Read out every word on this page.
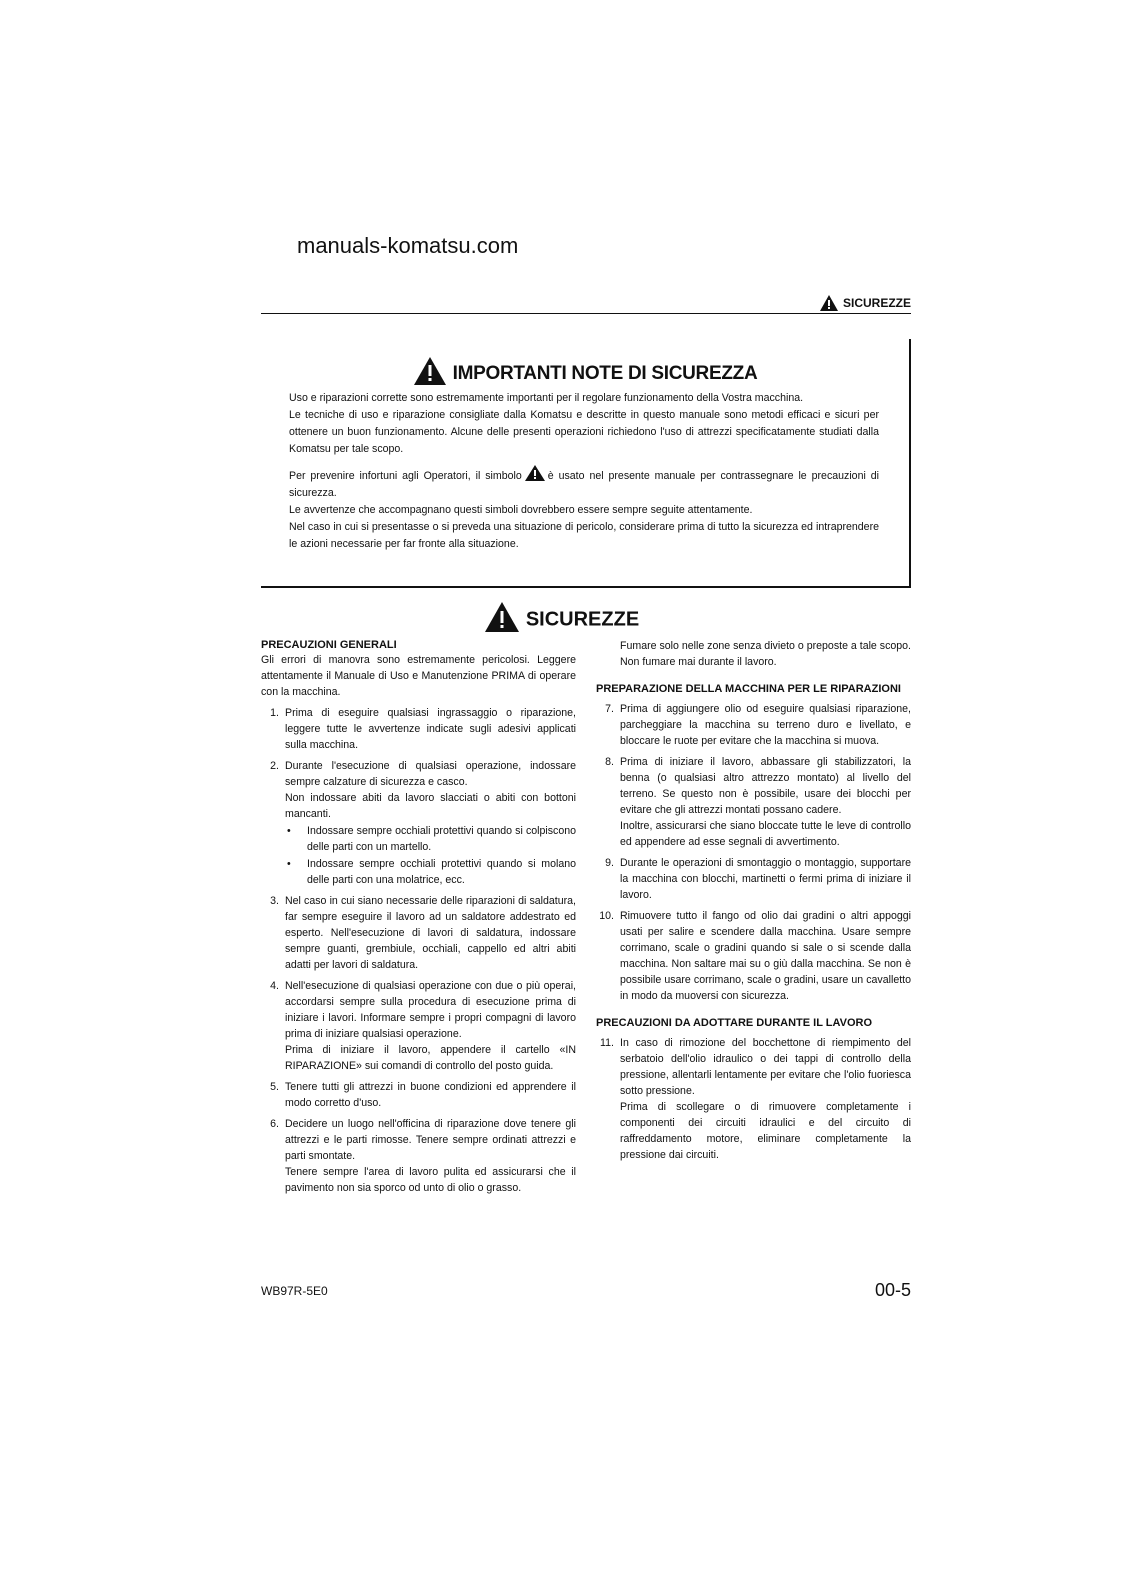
manuals-komatsu.com
SICUREZZE
IMPORTANTI NOTE DI SICUREZZA

Uso e riparazioni corrette sono estremamente importanti per il regolare funzionamento della Vostra macchina.

Le tecniche di uso e riparazione consigliate dalla Komatsu e descritte in questo manuale sono metodi efficaci e sicuri per ottenere un buon funzionamento. Alcune delle presenti operazioni richiedono l'uso di attrezzi specificatamente studiati dalla Komatsu per tale scopo.

Per prevenire infortuni agli Operatori, il simbolo è usato nel presente manuale per contrassegnare le precauzioni di sicurezza.

Le avvertenze che accompagnano questi simboli dovrebbero essere sempre seguite attentamente.

Nel caso in cui si presentasse o si preveda una situazione di pericolo, considerare prima di tutto la sicurezza ed intraprendere le azioni necessarie per far fronte alla situazione.

SICUREZZE
PRECAUZIONI GENERALI

Gli errori di manovra sono estremamente pericolosi. Leggere attentamente il Manuale di Uso e Manutenzione PRIMA di operare con la macchina.

1. Prima di eseguire qualsiasi ingrassaggio o riparazione, leggere tutte le avvertenze indicate sugli adesivi applicati sulla macchina.

2. Durante l'esecuzione di qualsiasi operazione, indossare sempre calzature di sicurezza e casco.

Non indossare abiti da lavoro slacciati o abiti con bottoni mancanti.

• Indossare sempre occhiali protettivi quando si colpiscono delle parti con un martello.
• Indossare sempre occhiali protettivi quando si molano delle parti con una molatrice, ecc.
3. Nel caso in cui siano necessarie delle riparazioni di saldatura, far sempre eseguire il lavoro ad un saldatore addestrato ed esperto. Nell'esecuzione di lavori di saldatura, indossare sempre guanti, grembiule, occhiali, cappello ed altri abiti adatti per lavori di saldatura.

4. Nell'esecuzione di qualsiasi operazione con due o più operai, accordarsi sempre sulla procedura di esecuzione prima di iniziare i lavori. Informare sempre i propri compagni di lavoro prima di iniziare qualsiasi operazione.

Prima di iniziare il lavoro, appendere il cartello «IN RIPARAZIONE» sui comandi di controllo del posto guida.

5. Tenere tutti gli attrezzi in buone condizioni ed apprendere il modo corretto d'uso.

6. Decidere un luogo nell'officina di riparazione dove tenere gli attrezzi e le parti rimosse. Tenere sempre ordinati attrezzi e parti smontate.

Tenere sempre l'area di lavoro pulita ed assicurarsi che il pavimento non sia sporco od unto di olio o grasso.

Fumare solo nelle zone senza divieto o preposte a tale scopo. Non fumare mai durante il lavoro.

PREPARAZIONE DELLA MACCHINA PER LE RIPARAZIONI
7. Prima di aggiungere olio od eseguire qualsiasi riparazione, parcheggiare la macchina su terreno duro e livellato, e bloccare le ruote per evitare che la macchina si muova.

8. Prima di iniziare il lavoro, abbassare gli stabilizzatori, la benna (o qualsiasi altro attrezzo montato) al livello del terreno. Se questo non è possibile, usare dei blocchi per evitare che gli attrezzi montati possano cadere.

Inoltre, assicurarsi che siano bloccate tutte le leve di controllo ed appendere ad esse segnali di avvertimento.

9. Durante le operazioni di smontaggio o montaggio, supportare la macchina con blocchi, martinetti o fermi prima di iniziare il lavoro.

10. Rimuovere tutto il fango od olio dai gradini o altri appoggi usati per salire e scendere dalla macchina. Usare sempre corrimano, scale o gradini quando si sale o si scende dalla macchina. Non saltare mai su o giù dalla macchina. Se non è possibile usare corrimano, scale o gradini, usare un cavalletto in modo da muoversi con sicurezza.

PRECAUZIONI DA ADOTTARE DURANTE IL LAVORO
11. In caso di rimozione del bocchettone di riempimento del serbatoio dell'olio idraulico o dei tappi di controllo della pressione, allentarli lentamente per evitare che l'olio fuoriesca sotto pressione.

Prima di scollegare o di rimuovere completamente i componenti dei circuiti idraulici e del circuito di raffreddamento motore, eliminare completamente la pressione dai circuiti.

WB97R-5E0	00-5
